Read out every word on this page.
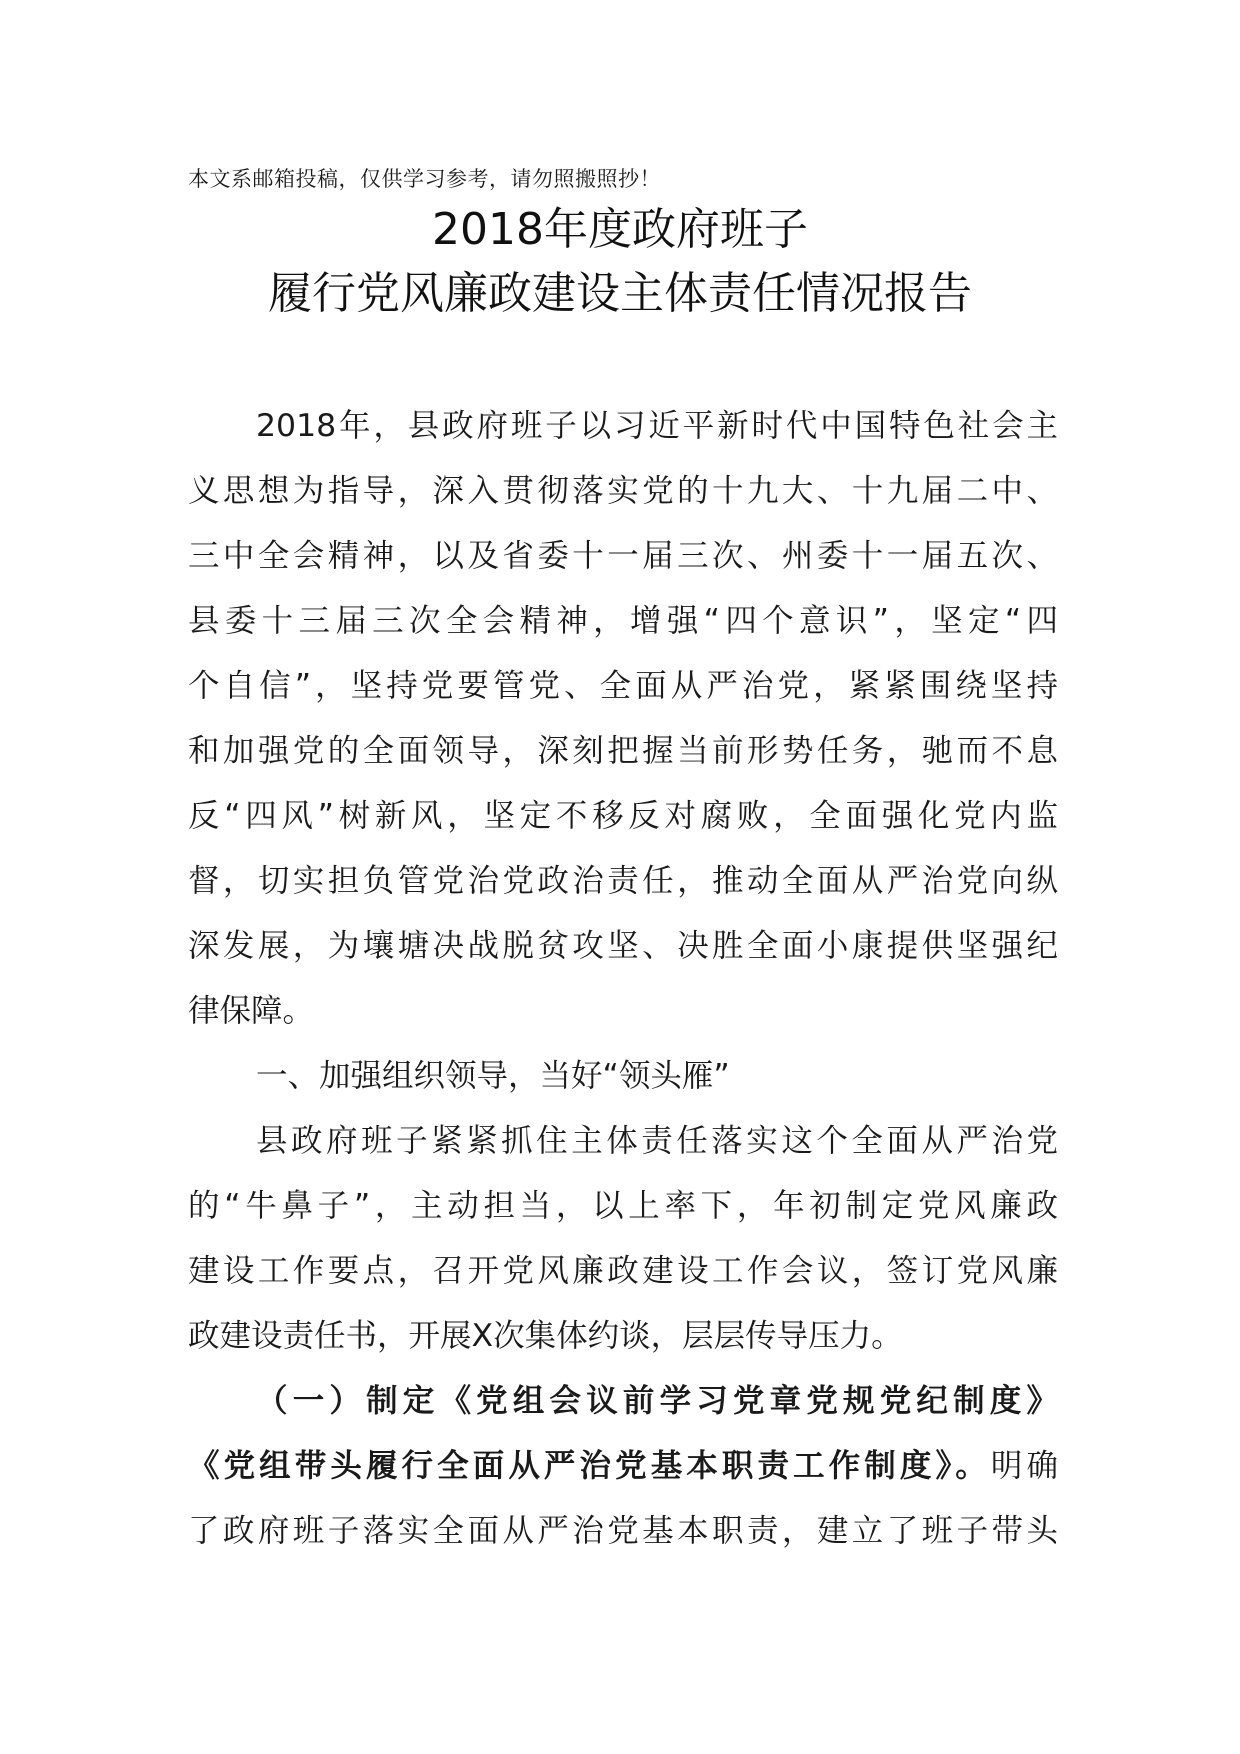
本文系邮箱投稿，仅供学习参考，请勿照搬照抄！
2018年度政府班子
履行党风廉政建设主体责任情况报告
2018年，县政府班子以习近平新时代中国特色社会主
义思想为指导，深入贯彻落实党的十九大、十九届二中、
三中全会精神，以及省委十一届三次、州委十一届五次、
县委十三届三次全会精神，增强“四个意识”，坚定“四
个自信”，坚持党要管党、全面从严治党，紧紧围绕坚持
和加强党的全面领导，深刻把握当前形势任务，驰而不息
反“四风”树新风，坚定不移反对腐败，全面强化党内监
督，切实担负管党治党政治责任，推动全面从严治党向纵
深发展，为壤塘决战脱贫攻坚、决胜全面小康提供坚强纪
律保障。
一、加强组织领导，当好“领头雁”
县政府班子紧紧抓住主体责任落实这个全面从严治党
的“牛鼻子”，主动担当，以上率下，年初制定党风廉政
建设工作要点，召开党风廉政建设工作会议，签订党风廉
政建设责任书，开展X次集体约谈，层层传导压力。
（一）制定《党组会议前学习党章党规党纪制度》
《党组带头履行全面从严治党基本职责工作制度》。明确
了政府班子落实全面从严治党基本职责，建立了班子带头
